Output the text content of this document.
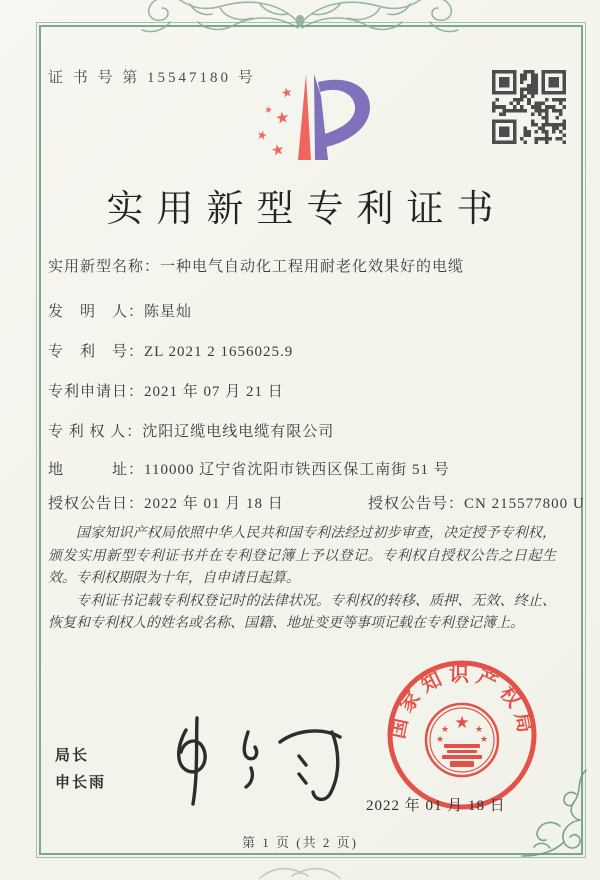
证 书 号 第 15547180 号
★
★ ★
★
★
实用新型专利证书
实用新型名称：一种电气自动化工程用耐老化效果好的电缆
发　明　人：陈星灿
专　利　号：ZL 2021 2 1656025.9
专利申请日：2021 年 07 月 21 日
专 利 权 人：沈阳辽缆电线电缆有限公司
地　　　址：110000 辽宁省沈阳市铁西区保工南街 51 号
授权公告日：2022 年 01 月 18 日	授权公告号：CN 215577800 U

国家知识产权局依照中华人民共和国专利法经过初步审查，决定授予专利权，颁发实用新型专利证书并在专利登记簿上予以登记。专利权自授权公告之日起生效。专利权期限为十年，自申请日起算。

专利证书记载专利权登记时的法律状况。专利权的转移、质押、无效、终止、恢复和专利权人的姓名或名称、国籍、地址变更等事项记载在专利登记簿上。

局长
申长雨
国家知识产权局
★
★	★
★	★
2022 年 01 月 18 日
第 1 页 (共 2 页)
